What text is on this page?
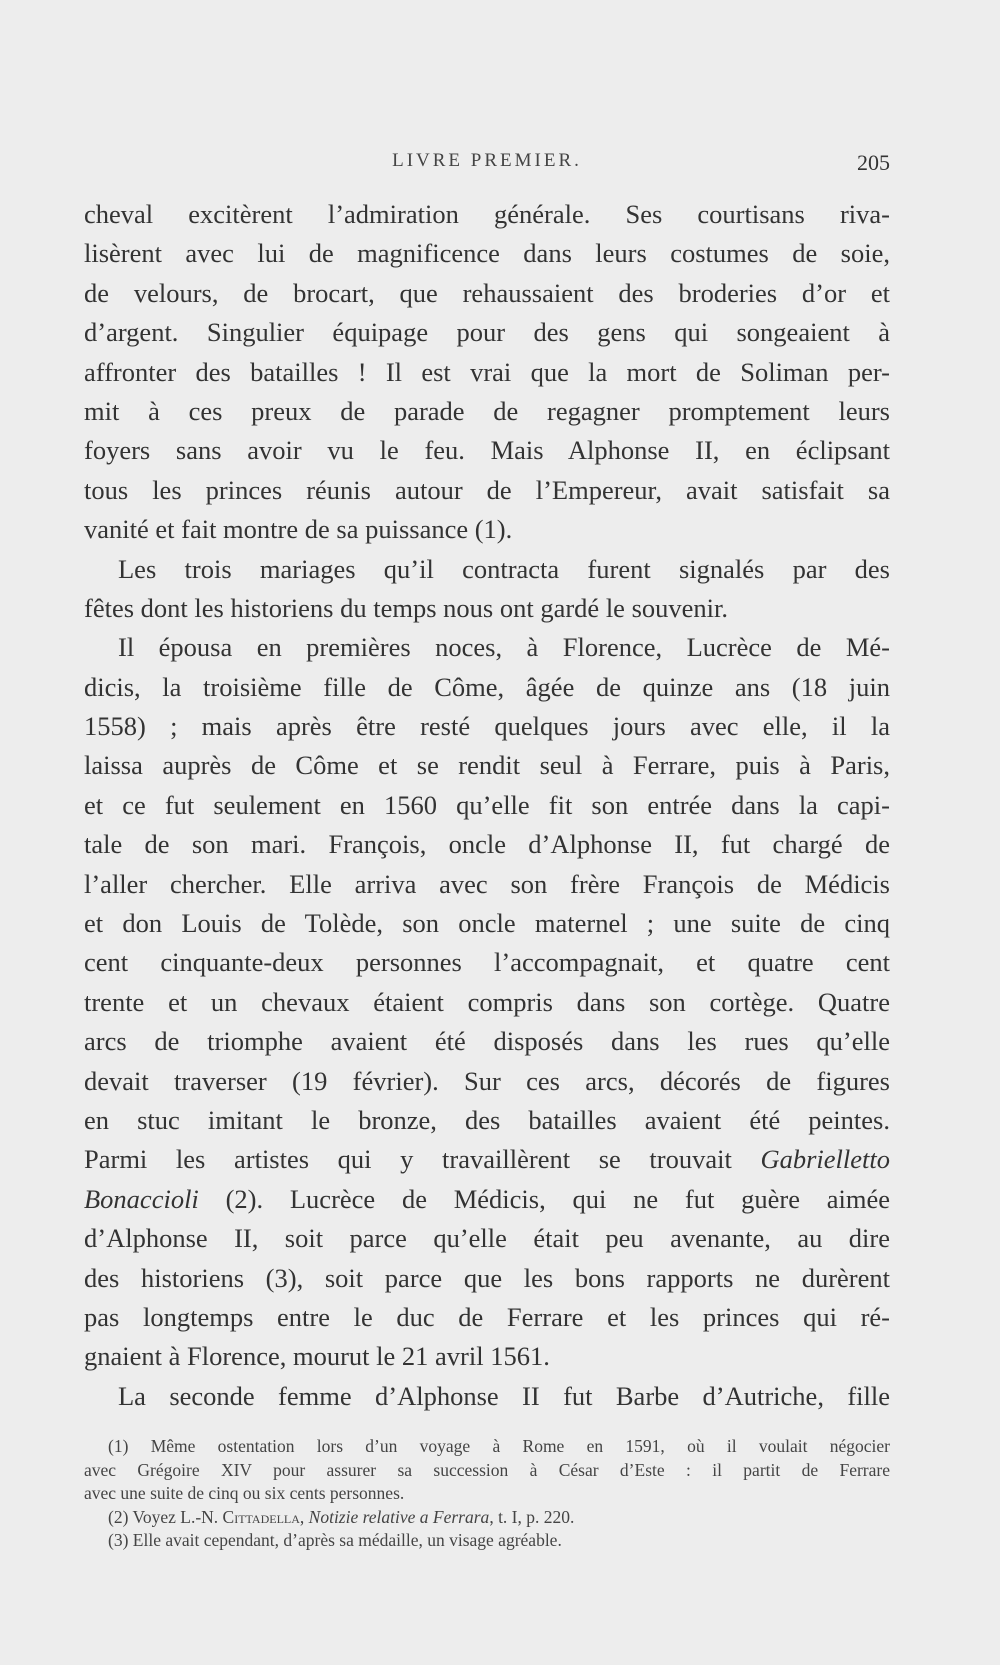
LIVRE PREMIER.	205
cheval excitèrent l’admiration générale. Ses courtisans riva-
lisèrent avec lui de magnificence dans leurs costumes de soie,
de velours, de brocart, que rehaussaient des broderies d’or et
d’argent. Singulier équipage pour des gens qui songeaient à
affronter des batailles ! Il est vrai que la mort de Soliman per-
mit à ces preux de parade de regagner promptement leurs
foyers sans avoir vu le feu. Mais Alphonse II, en éclipsant
tous les princes réunis autour de l’Empereur, avait satisfait sa
vanité et fait montre de sa puissance (1).
Les trois mariages qu’il contracta furent signalés par des
fêtes dont les historiens du temps nous ont gardé le souvenir.
Il épousa en premières noces, à Florence, Lucrèce de Mé-
dicis, la troisième fille de Côme, âgée de quinze ans (18 juin
1558) ; mais après être resté quelques jours avec elle, il la
laissa auprès de Côme et se rendit seul à Ferrare, puis à Paris,
et ce fut seulement en 1560 qu’elle fit son entrée dans la capi-
tale de son mari. François, oncle d’Alphonse II, fut chargé de
l’aller chercher. Elle arriva avec son frère François de Médicis
et don Louis de Tolède, son oncle maternel ; une suite de cinq
cent cinquante-deux personnes l’accompagnait, et quatre cent
trente et un chevaux étaient compris dans son cortège. Quatre
arcs de triomphe avaient été disposés dans les rues qu’elle
devait traverser (19 février). Sur ces arcs, décorés de figures
en stuc imitant le bronze, des batailles avaient été peintes.
Parmi les artistes qui y travaillèrent se trouvait Gabrielletto
Bonaccioli (2). Lucrèce de Médicis, qui ne fut guère aimée
d’Alphonse II, soit parce qu’elle était peu avenante, au dire
des historiens (3), soit parce que les bons rapports ne durèrent
pas longtemps entre le duc de Ferrare et les princes qui ré-
gnaient à Florence, mourut le 21 avril 1561.
La seconde femme d’Alphonse II fut Barbe d’Autriche, fille
(1) Même ostentation lors d’un voyage à Rome en 1591, où il voulait négocier
avec Grégoire XIV pour assurer sa succession à César d’Este : il partit de Ferrare
avec une suite de cinq ou six cents personnes.
(2) Voyez L.-N. Cittadella, Notizie relative a Ferrara, t. I, p. 220.
(3) Elle avait cependant, d’après sa médaille, un visage agréable.
